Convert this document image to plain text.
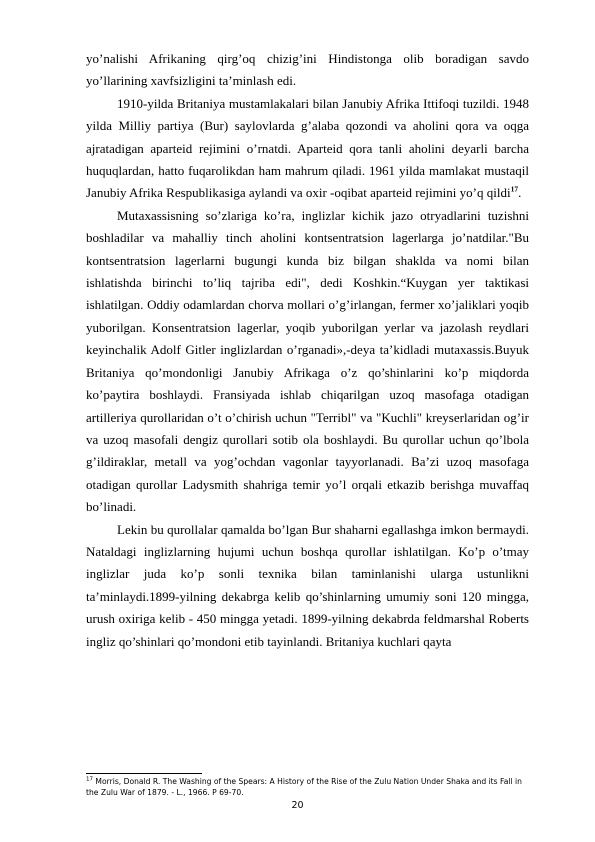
yo’nalishi Afrikaning qirg’oq chizig’ini Hindistonga olib boradigan savdo yo’llarining xavfsizligini ta’minlash edi.

1910-yilda Britaniya mustamlakalari bilan Janubiy Afrika Ittifoqi tuzildi. 1948 yilda Milliy partiya (Bur) saylovlarda g’alaba qozondi va aholini qora va oqga ajratadigan aparteid rejimini o’rnatdi. Aparteid qora tanli aholini deyarli barcha huquqlardan, hatto fuqarolikdan ham mahrum qiladi. 1961 yilda mamlakat mustaqil Janubiy Afrika Respublikasiga aylandi va oxir -oqibat aparteid rejimini yo’q qildi$^{17}$.

Mutaxassisning so’zlariga ko’ra, inglizlar kichik jazo otryadlarini tuzishni boshladilar va mahalliy tinch aholini kontsentratsion lagerlarga jo’natdilar."Bu kontsentratsion lagerlarni bugungi kunda biz bilgan shaklda va nomi bilan ishlatishda birinchi to’liq tajriba edi", dedi Koshkin.“Kuygan yer taktikasi ishlatilgan. Oddiy odamlardan chorva mollari o’g’irlangan, fermer xo’jaliklari yoqib yuborilgan. Konsentratsion lagerlar, yoqib yuborilgan yerlar va jazolash reydlari keyinchalik Adolf Gitler inglizlardan o’rganadi»,-deya ta’kidladi mutaxassis.Buyuk Britaniya qo’mondonligi Janubiy Afrikaga o’z qo’shinlarini ko’p miqdorda ko’paytira boshlaydi. Fransiyada ishlab chiqarilgan uzoq masofaga otadigan artilleriya qurollaridan o’t o’chirish uchun "Terribl" va "Kuchli" kreyserlaridan og’ir va uzoq masofali dengiz qurollari sotib ola boshlaydi. Bu qurollar uchun qo’lbola g’ildiraklar, metall va yog’ochdan vagonlar tayyorlanadi. Ba’zi uzoq masofaga otadigan qurollar Ladysmith shahriga temir yo’l orqali etkazib berishga muvaffaq bo’linadi.

Lekin bu qurollalar qamalda bo’lgan Bur shaharni egallashga imkon bermaydi. Nataldagi inglizlarning hujumi uchun boshqa qurollar ishlatilgan. Ko’p o’tmay inglizlar juda ko’p sonli texnika bilan taminlanishi ularga ustunlikni ta’minlaydi.1899-yilning dekabrga kelib qo’shinlarning umumiy soni 120 mingga, urush oxiriga kelib - 450 mingga yetadi. 1899-yilning dekabrda feldmarshal Roberts ingliz qo’shinlari qo’mondoni etib tayinlandi. Britaniya kuchlari qayta

$^{17}$ Morris, Donald R. The Washing of the Spears: A History of the Rise of the Zulu Nation Under Shaka and its Fall in the Zulu War of 1879. - L., 1966. P 69-70.
20
